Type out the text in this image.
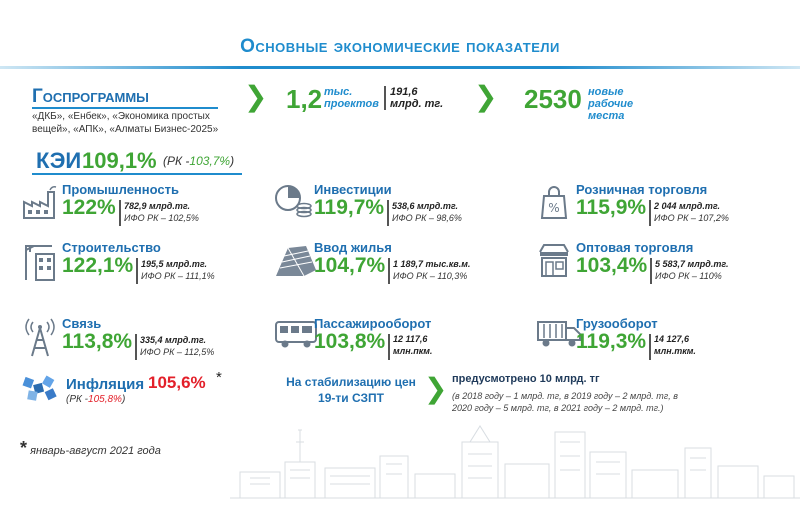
Основные экономические показатели
Госпрограммы
«ДКБ», «Енбек», «Экономика простых вещей», «АПК», «Алматы Бизнес-2025»
❯ 1,2 тыс. проектов
191,6 млрд. тг. ❯ 2530 новые рабочие места
КЭИ 109,1% (РК -103,7%)
Промышленность
122% 782,9 млрд.тг.
ИФО РК – 102,5%
Инвестиции
119,7% 538,6 млрд.тг.
ИФО РК – 98,6%
%
Розничная торговля
115,9% 2 044 млрд.тг.
ИФО РК – 107,2%
Строительство
122,1% 195,5 млрд.тг.
ИФО РК – 111,1%
Ввод жилья
104,7% 1 189,7 тыс.кв.м.
ИФО РК – 110,3%
Оптовая торговля
103,4% 5 583,7 млрд.тг.
ИФО РК – 110%
Связь
113,8% 335,4 млрд.тг.
ИФО РК – 112,5%
Пассажирооборот
103,8% 12 117,6 млн.пкм.
Грузооборот
119,3% 14 127,6 млн.ткм.
Инфляция 105,6% *
(РК -105,8%)
На стабилизацию цен 19-ти СЗПТ	❯ предусмотрено 10 млрд. тг
(в 2018 году – 1 млрд. тг, в 2019 году – 2 млрд. тг, в 2020 году – 5 млрд. тг, в 2021 году – 2 млрд. тг.)
* январь-август 2021 года
